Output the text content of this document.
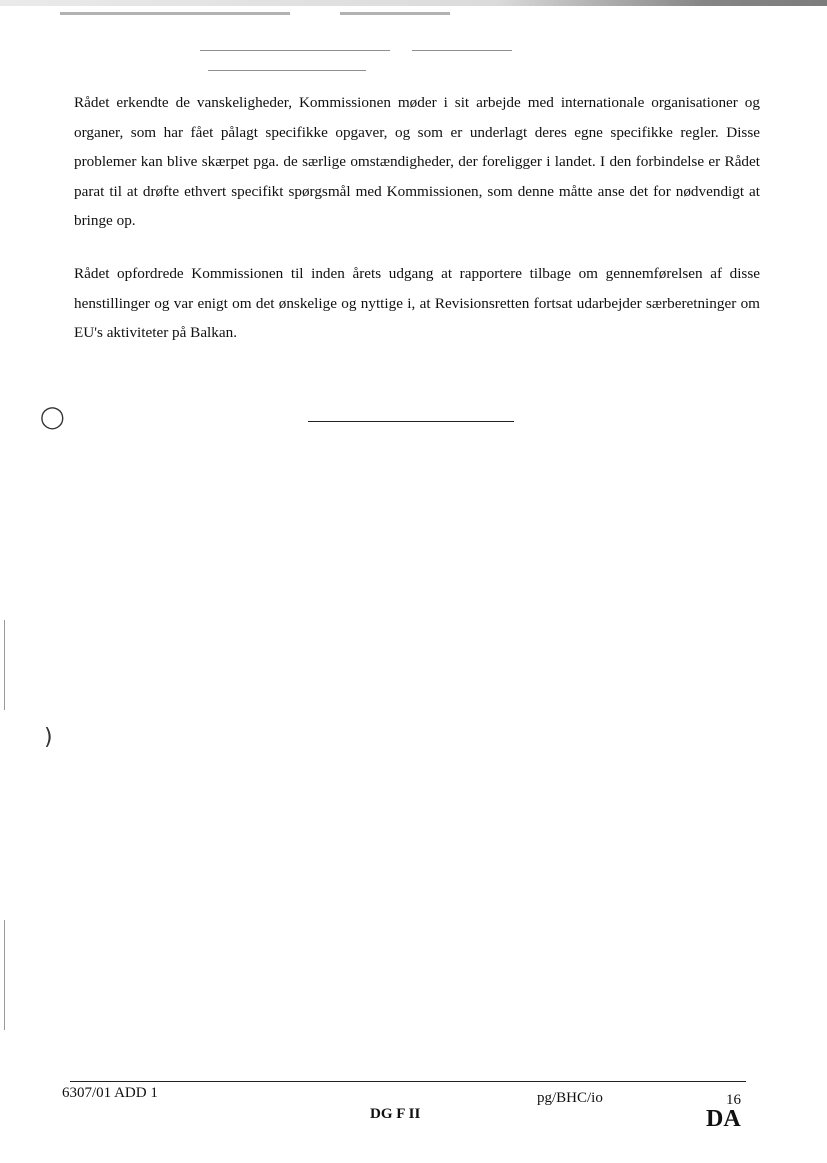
◯
)

Rådet erkendte de vanskeligheder, Kommissionen møder i sit arbejde med internationale organisationer og organer, som har fået pålagt specifikke opgaver, og som er underlagt deres egne specifikke regler. Disse problemer kan blive skærpet pga. de særlige omstændigheder, der foreligger i landet. I den forbindelse er Rådet parat til at drøfte ethvert specifikt spørgsmål med Kommissionen, som denne måtte anse det for nødvendigt at bringe op.

Rådet opfordrede Kommissionen til inden årets udgang at rapportere tilbage om gennemførelsen af disse henstillinger og var enigt om det ønskelige og nyttige i, at Revisionsretten fortsat udarbejder særberetninger om EU's aktiviteter på Balkan.

6307/01 ADD 1

DG F II

pg/BHC/io	16

DA
